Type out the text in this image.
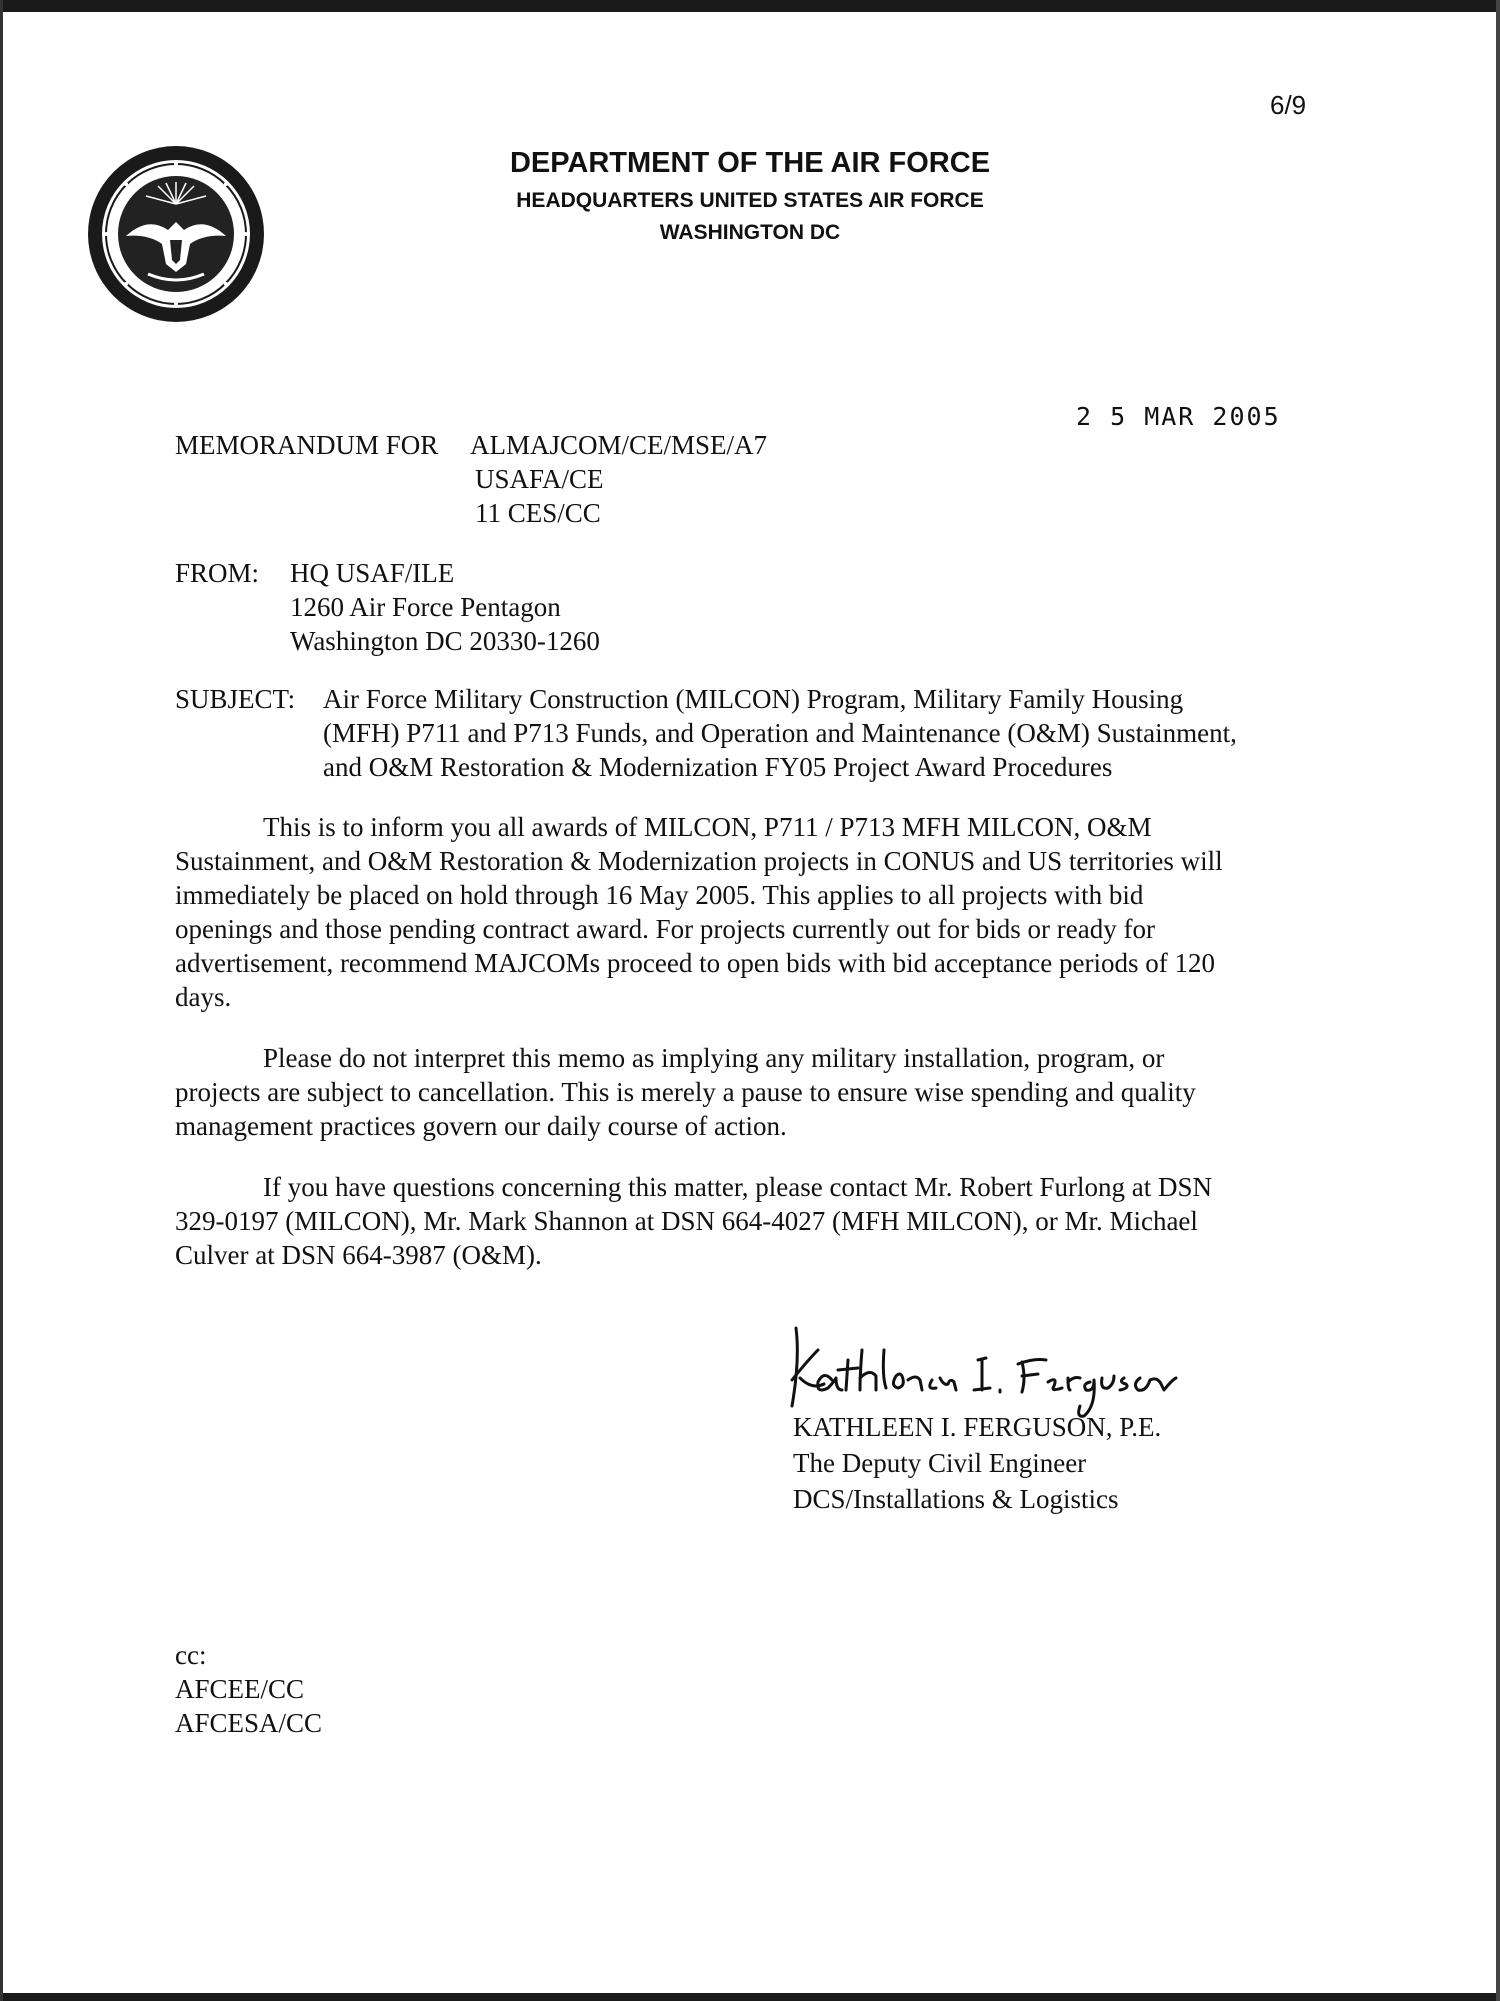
6/9
DEPARTMENT OF THE AIR FORCE
HEADQUARTERS UNITED STATES AIR FORCE
WASHINGTON DC
2 5 MAR 2005
MEMORANDUM FOR ALMAJCOM/CE/MSE/A7
USAFA/CE
11 CES/CC
FROM: HQ USAF/ILE
1260 Air Force Pentagon
Washington DC 20330-1260
SUBJECT: Air Force Military Construction (MILCON) Program, Military Family Housing
(MFH) P711 and P713 Funds, and Operation and Maintenance (O&M) Sustainment,
and O&M Restoration & Modernization FY05 Project Award Procedures
This is to inform you all awards of MILCON, P711 / P713 MFH MILCON, O&M
Sustainment, and O&M Restoration & Modernization projects in CONUS and US territories will
immediately be placed on hold through 16 May 2005. This applies to all projects with bid
openings and those pending contract award. For projects currently out for bids or ready for
advertisement, recommend MAJCOMs proceed to open bids with bid acceptance periods of 120
days.
Please do not interpret this memo as implying any military installation, program, or
projects are subject to cancellation. This is merely a pause to ensure wise spending and quality
management practices govern our daily course of action.
If you have questions concerning this matter, please contact Mr. Robert Furlong at DSN
329-0197 (MILCON), Mr. Mark Shannon at DSN 664-4027 (MFH MILCON), or Mr. Michael
Culver at DSN 664-3987 (O&M).
KATHLEEN I. FERGUSON, P.E.
The Deputy Civil Engineer
DCS/Installations & Logistics
cc:
AFCEE/CC
AFCESA/CC
